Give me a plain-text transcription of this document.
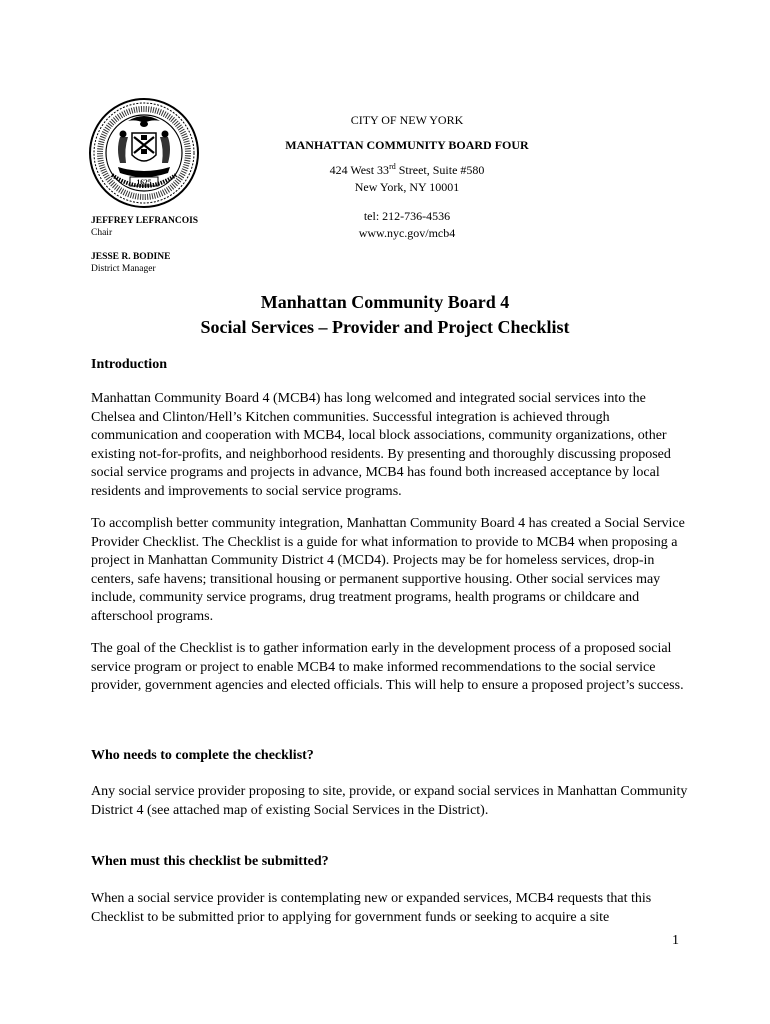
1625
CITY OF NEW YORK
MANHATTAN COMMUNITY BOARD FOUR
424 West 33rd Street, Suite #580
New York, NY 10001
tel: 212-736-4536
www.nyc.gov/mcb4
JEFFREY LEFRANCOIS
Chair
JESSE R. BODINE
District Manager
Manhattan Community Board 4
Social Services – Provider and Project Checklist
Introduction

Manhattan Community Board 4 (MCB4) has long welcomed and integrated social services into the Chelsea and Clinton/Hell’s Kitchen communities. Successful integration is achieved through communication and cooperation with MCB4, local block associations, community organizations, other existing not-for-profits, and neighborhood residents. By presenting and thoroughly discussing proposed social service programs and projects in advance, MCB4 has found both increased acceptance by local residents and improvements to social service programs.

To accomplish better community integration, Manhattan Community Board 4 has created a Social Service Provider Checklist. The Checklist is a guide for what information to provide to MCB4 when proposing a project in Manhattan Community District 4 (MCD4). Projects may be for homeless services, drop-in centers, safe havens; transitional housing or permanent supportive housing. Other social services may include, community service programs, drug treatment programs, health programs or childcare and afterschool programs.

The goal of the Checklist is to gather information early in the development process of a proposed social service program or project to enable MCB4 to make informed recommendations to the social service provider, government agencies and elected officials. This will help to ensure a proposed project’s success.

Who needs to complete the checklist?

Any social service provider proposing to site, provide, or expand social services in Manhattan Community District 4 (see attached map of existing Social Services in the District).

When must this checklist be submitted?

When a social service provider is contemplating new or expanded services, MCB4 requests that this Checklist to be submitted prior to applying for government funds or seeking to acquire a site

1
